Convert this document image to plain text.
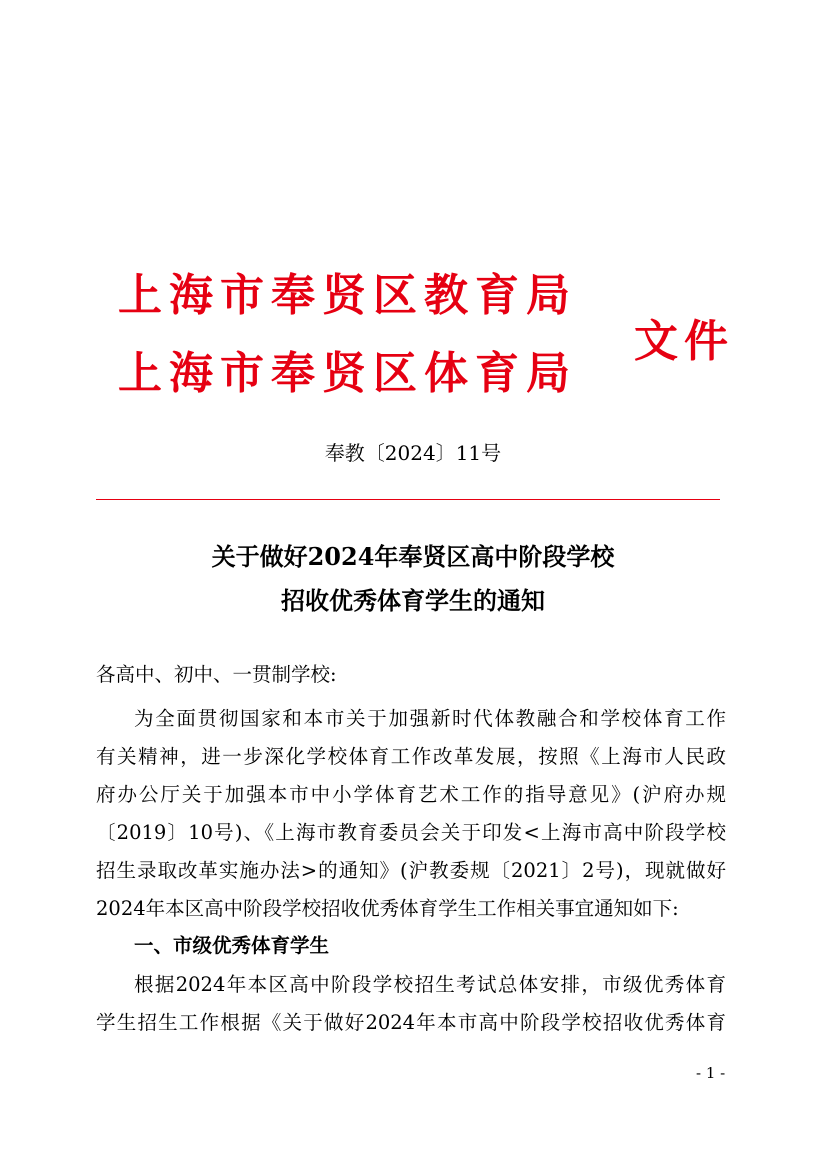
上海市奉贤区教育局
上海市奉贤区体育局
文件
奉教〔2024〕11号
关于做好2024年奉贤区高中阶段学校
招收优秀体育学生的通知
各高中、初中、一贯制学校:
为全面贯彻国家和本市关于加强新时代体教融合和学校体育工作
有关精神，进一步深化学校体育工作改革发展，按照《上海市人民政
府办公厅关于加强本市中小学体育艺术工作的指导意见》(沪府办规
〔2019〕10号)、《上海市教育委员会关于印发<上海市高中阶段学校
招生录取改革实施办法>的通知》(沪教委规〔2021〕2号)，现就做好
2024年本区高中阶段学校招收优秀体育学生工作相关事宜通知如下:
一、市级优秀体育学生
根据2024年本区高中阶段学校招生考试总体安排，市级优秀体育
学生招生工作根据《关于做好2024年本市高中阶段学校招收优秀体育
- 1 -
